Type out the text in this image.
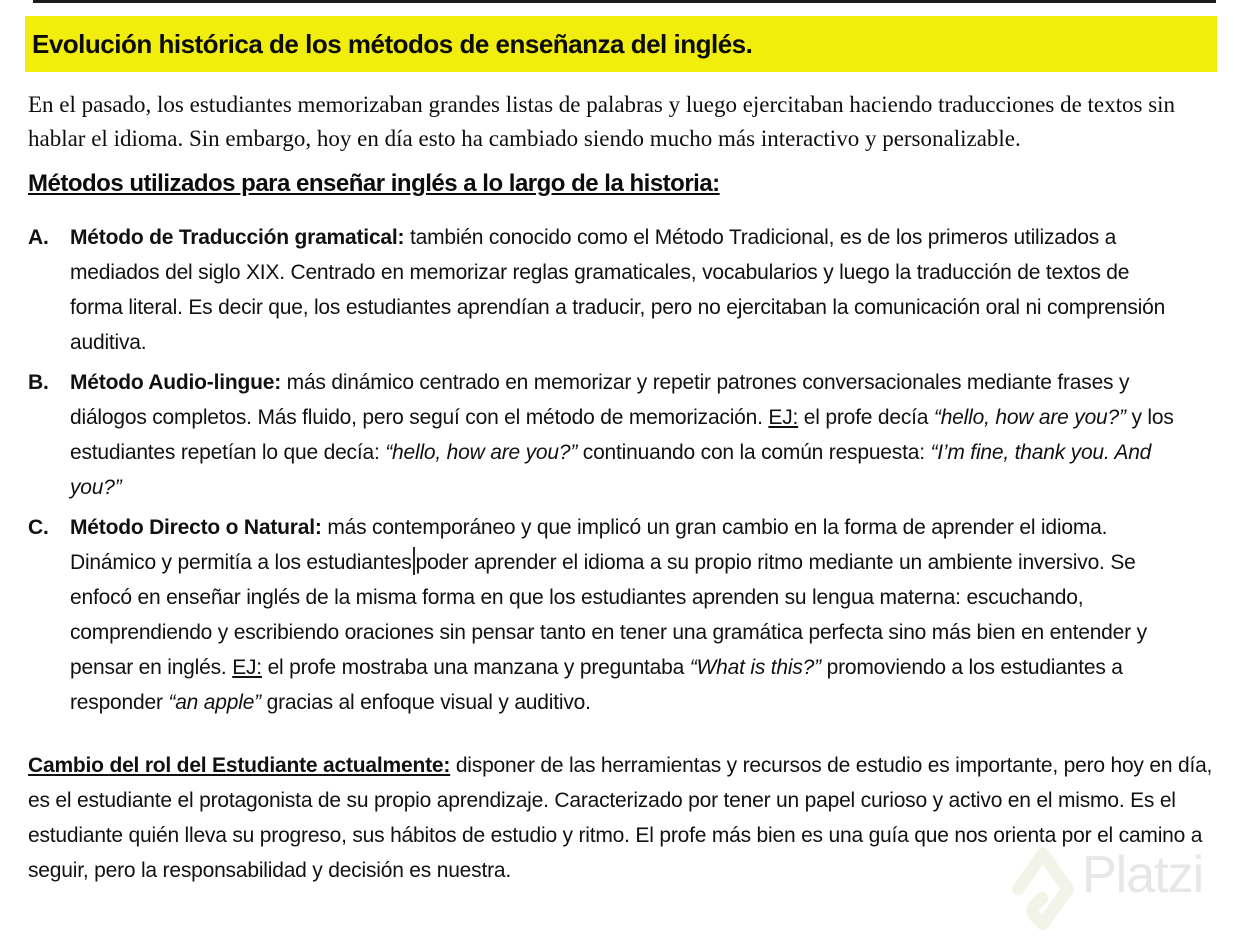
Evolución histórica de los métodos de enseñanza del inglés.

En el pasado, los estudiantes memorizaban grandes listas de palabras y luego ejercitaban haciendo traducciones de textos sin hablar el idioma. Sin embargo, hoy en día esto ha cambiado siendo mucho más interactivo y personalizable.

Métodos utilizados para enseñar inglés a lo largo de la historia:
A.	Método de Traducción gramatical: también conocido como el Método Tradicional, es de los primeros utilizados a mediados del siglo XIX. Centrado en memorizar reglas gramaticales, vocabularios y luego la traducción de textos de forma literal. Es decir que, los estudiantes aprendían a traducir, pero no ejercitaban la comunicación oral ni comprensión auditiva.
B.	Método Audio-lingue: más dinámico centrado en memorizar y repetir patrones conversacionales mediante frases y diálogos completos. Más fluido, pero seguí con el método de memorización. EJ: el profe decía “hello, how are you?” y los estudiantes repetían lo que decía: “hello, how are you?” continuando con la común respuesta: “I’m fine, thank you. And you?”
C.	Método Directo o Natural: más contemporáneo y que implicó un gran cambio en la forma de aprender el idioma. Dinámico y permitía a los estudiantes poder aprender el idioma a su propio ritmo mediante un ambiente inversivo. Se enfocó en enseñar inglés de la misma forma en que los estudiantes aprenden su lengua materna: escuchando, comprendiendo y escribiendo oraciones sin pensar tanto en tener una gramática perfecta sino más bien en entender y pensar en inglés. EJ: el profe mostraba una manzana y preguntaba “What is this?” promoviendo a los estudiantes a responder “an apple” gracias al enfoque visual y auditivo.
Cambio del rol del Estudiante actualmente: disponer de las herramientas y recursos de estudio es importante, pero hoy en día, es el estudiante el protagonista de su propio aprendizaje. Caracterizado por tener un papel curioso y activo en el mismo. Es el estudiante quién lleva su progreso, sus hábitos de estudio y ritmo. El profe más bien es una guía que nos orienta por el camino a seguir, pero la responsabilidad y decisión es nuestra.	Platzi
